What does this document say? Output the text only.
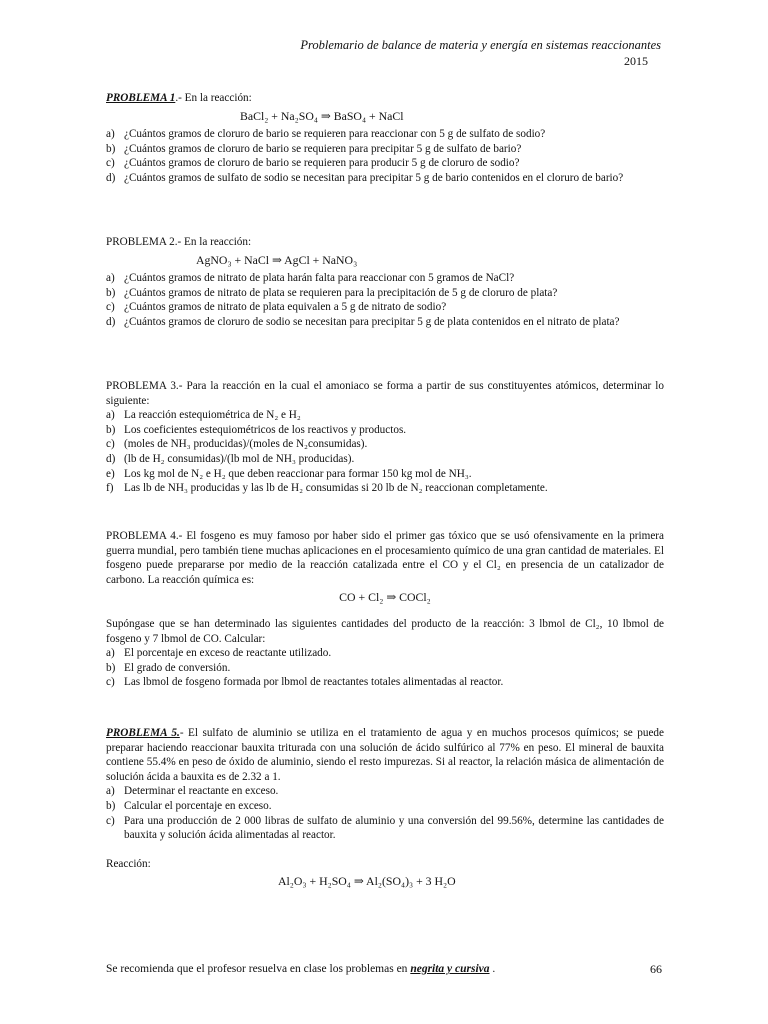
Problemario de balance de materia y energía en sistemas reaccionantes
2015
PROBLEMA 1.- En la reacción:
BaCl₂ + Na₂SO₄ ⇒ BaSO₄ + NaCl
a) ¿Cuántos gramos de cloruro de bario se requieren para reaccionar con 5 g de sulfato de sodio?
b) ¿Cuántos gramos de cloruro de bario se requieren para precipitar 5 g de sulfato de bario?
c) ¿Cuántos gramos de cloruro de bario se requieren para producir 5 g de cloruro de sodio?
d) ¿Cuántos gramos de sulfato de sodio se necesitan para precipitar 5 g de bario contenidos en el cloruro de bario?
PROBLEMA 2.- En la reacción:
AgNO₃ + NaCl ⇒ AgCl + NaNO₃
a) ¿Cuántos gramos de nitrato de plata harán falta para reaccionar con 5 gramos de NaCl?
b) ¿Cuántos gramos de nitrato de plata se requieren para la precipitación de 5 g de cloruro de plata?
c) ¿Cuántos gramos de nitrato de plata equivalen a 5 g de nitrato de sodio?
d) ¿Cuántos gramos de cloruro de sodio se necesitan para precipitar 5 g de plata contenidos en el nitrato de plata?
PROBLEMA 3.- Para la reacción en la cual el amoniaco se forma a partir de sus constituyentes atómicos, determinar lo siguiente:
a) La reacción estequiométrica de N₂ e H₂
b) Los coeficientes estequiométricos de los reactivos y productos.
c) (moles de NH₃ producidas)/(moles de N₂consumidas).
d) (lb de H₂ consumidas)/(lb mol de NH₃ producidas).
e) Los kg mol de N₂ e H₂ que deben reaccionar para formar 150 kg mol de NH₃.
f) Las lb de NH₃ producidas y las lb de H₂ consumidas si 20 lb de N₂ reaccionan completamente.
PROBLEMA 4.- El fosgeno es muy famoso por haber sido el primer gas tóxico que se usó ofensivamente en la primera guerra mundial, pero también tiene muchas aplicaciones en el procesamiento químico de una gran cantidad de materiales. El fosgeno puede prepararse por medio de la reacción catalizada entre el CO y el Cl₂ en presencia de un catalizador de carbono. La reacción química es:
CO + Cl₂ ⇒ COCl₂
Supóngase que se han determinado las siguientes cantidades del producto de la reacción: 3 lbmol de Cl₂, 10 lbmol de fosgeno y 7 lbmol de CO. Calcular:
a) El porcentaje en exceso de reactante utilizado.
b) El grado de conversión.
c) Las lbmol de fosgeno formada por lbmol de reactantes totales alimentadas al reactor.
PROBLEMA 5.- El sulfato de aluminio se utiliza en el tratamiento de agua y en muchos procesos químicos; se puede preparar haciendo reaccionar bauxita triturada con una solución de ácido sulfúrico al 77% en peso. El mineral de bauxita contiene 55.4% en peso de óxido de aluminio, siendo el resto impurezas. Si al reactor, la relación másica de alimentación de solución ácida a bauxita es de 2.32 a 1.
a) Determinar el reactante en exceso.
b) Calcular el porcentaje en exceso.
c) Para una producción de 2 000 libras de sulfato de aluminio y una conversión del 99.56%, determine las cantidades de bauxita y solución ácida alimentadas al reactor.
Reacción:
Al₂O₃ + H₂SO₄ ⇒ Al₂(SO₄)₃ + 3 H₂O
Se recomienda que el profesor resuelva en clase los problemas en negrita y cursiva .	66
